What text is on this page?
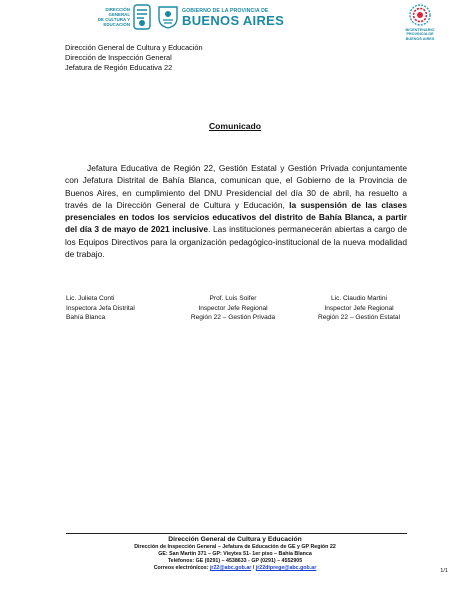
DIRECCIÓN GENERAL
DE CULTURA Y EDUCACIÓN
GOBIERNO DE LA PROVINCIA DE
BUENOS AIRES
BICENTENARIO
PROVINCIA DE
BUENOS AIRES
Dirección General de Cultura y Educación
Dirección de Inspección General
Jefatura de Región Educativa 22
Comunicado

Jefatura Educativa de Región 22, Gestión Estatal y Gestión Privada conjuntamente con Jefatura Distrital de Bahía Blanca, comunican que, el Gobierno de la Provincia de Buenos Aires, en cumplimiento del DNU Presidencial del día 30 de abril, ha resuelto a través de la Dirección General de Cultura y Educación, la suspensión de las clases presenciales en todos los servicios educativos del distrito de Bahía Blanca, a partir del día 3 de mayo de 2021 inclusive. Las instituciones permanecerán abiertas a cargo de los Equipos Directivos para la organización pedagógico-institucional de la nueva modalidad de trabajo.

Lic. Julieta Conti
Inspectora Jefa Distrital
Bahía Blanca
Prof. Luis Soifer
Inspector Jefe Regional
Región 22 – Gestión Privada
Lic. Claudio Martini
Inspector Jefe Regional
Región 22 – Gestión Estatal
Dirección General de Cultura y Educación
Dirección de Inspección General – Jefatura de Educación de GE y GP Región 22
GE: San Martín 371 – GP: Vieytes 51- 1er piso – Bahía Blanca
Teléfonos: GE (0291) – 4538633 - GP (0291) – 4552905
Correos electrónicos: jr22@abc.gob.ar / jr22diprege@abc.gob.ar
1/1
